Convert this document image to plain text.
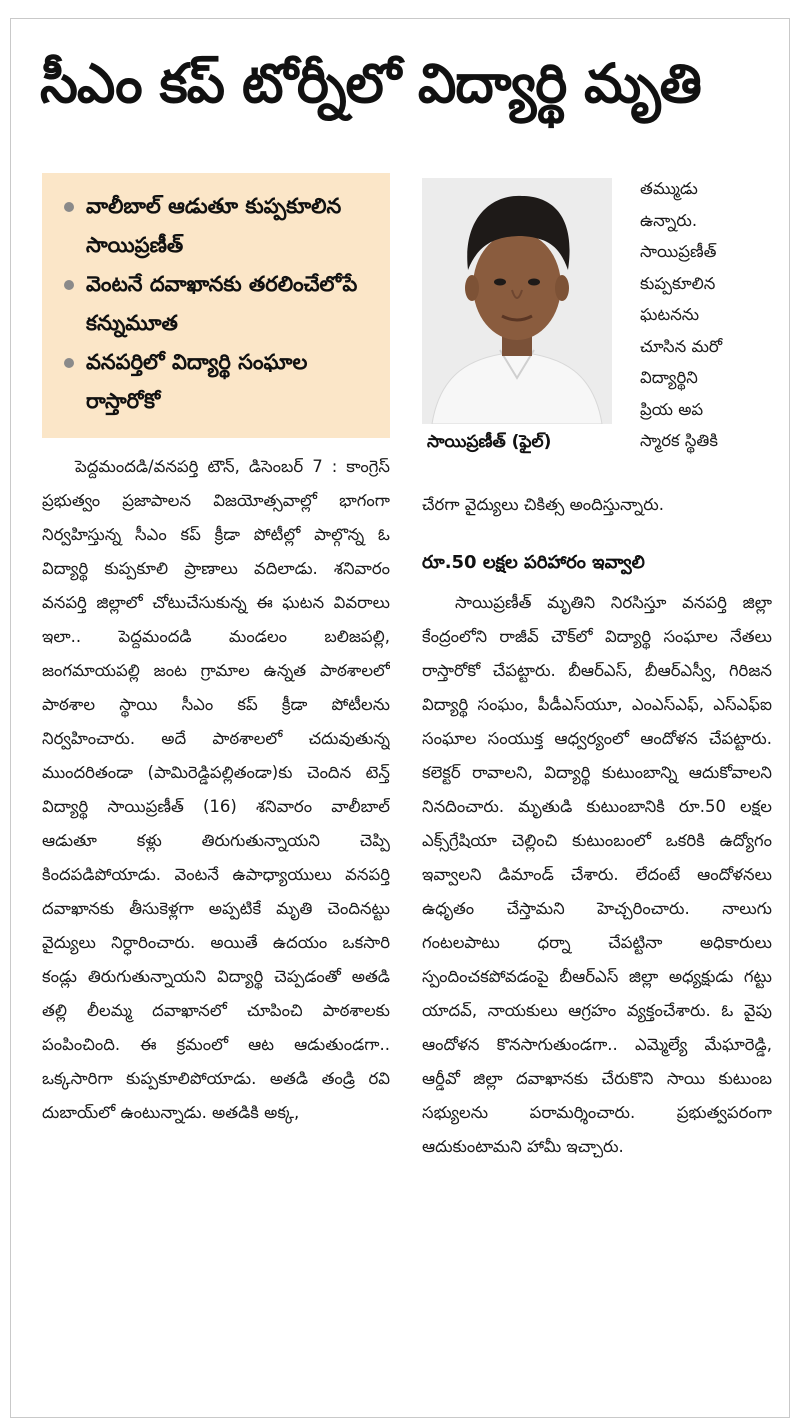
సీఎం కప్ టోర్నీలో విద్యార్థి మృతి
వాలీబాల్ ఆడుతూ కుప్పకూలిన సాయిప్రణీత్
వెంటనే దవాఖానకు తరలించేలోపే కన్నుమూత
వనపర్తిలో విద్యార్థి సంఘాల రాస్తారోకో
పెద్దమందడి/వనపర్తి టౌన్, డిసెంబర్ 7 : కాంగ్రెస్ ప్రభుత్వం ప్రజాపాలన విజయోత్సవాల్లో భాగంగా నిర్వహిస్తున్న సీఎం కప్ క్రీడా పోటీల్లో పాల్గొన్న ఓ విద్యార్థి కుప్పకూలి ప్రాణాలు వదిలాడు. శనివారం వనపర్తి జిల్లాలో చోటుచేసుకున్న ఈ ఘటన వివరాలు ఇలా.. పెద్దమందడి మండలం బలిజపల్లి, జంగమాయపల్లి జంట గ్రామాల ఉన్నత పాఠశాలలో పాఠశాల స్థాయి సీఎం కప్ క్రీడా పోటీలను నిర్వహించారు. అదే పాఠశాలలో చదువుతున్న ముందరితండా (పామిరెడ్డిపల్లితండా)కు చెందిన టెన్త్ విద్యార్థి సాయిప్రణీత్ (16) శనివారం వాలీబాల్ ఆడుతూ కళ్లు తిరుగుతున్నాయని చెప్పి కిందపడిపోయాడు. వెంటనే ఉపాధ్యాయులు వనపర్తి దవాఖానకు తీసుకెళ్లగా అప్పటికే మృతి చెందినట్టు వైద్యులు నిర్ధారించారు. అయితే ఉదయం ఒకసారి కండ్లు తిరుగుతున్నాయని విద్యార్థి చెప్పడంతో అతడి తల్లి లీలమ్మ దవాఖానలో చూపించి పాఠశాలకు పంపించింది. ఈ క్రమంలో ఆట ఆడుతుండగా.. ఒక్కసారిగా కుప్పకూలిపోయాడు. అతడి తండ్రి రవి దుబాయ్‌లో ఉంటున్నాడు. అతడికి అక్క,
సాయిప్రణీత్ (ఫైల్)
తమ్ముడు
ఉన్నారు.
సాయిప్రణీత్
కుప్పకూలిన
ఘటనను
చూసిన మరో
విద్యార్థిని
ప్రియ అప
స్మారక స్థితికి
చేరగా వైద్యులు చికిత్స అందిస్తున్నారు.
రూ.50 లక్షల పరిహారం ఇవ్వాలి
సాయిప్రణీత్ మృతిని నిరసిస్తూ వనపర్తి జిల్లా కేంద్రంలోని రాజీవ్ చౌక్‌లో విద్యార్థి సంఘాల నేతలు రాస్తారోకో చేపట్టారు. బీఆర్ఎస్, బీఆర్ఎస్వీ, గిరిజన విద్యార్థి సంఘం, పీడీఎస్‌యూ, ఎంఎస్ఎఫ్, ఎస్ఎఫ్ఐ సంఘాల సంయుక్త ఆధ్వర్యంలో ఆందోళన చేపట్టారు. కలెక్టర్ రావాలని, విద్యార్థి కుటుంబాన్ని ఆదుకోవాలని నినదించారు. మృతుడి కుటుంబానికి రూ.50 లక్షల ఎక్స్‌గ్రేషియా చెల్లించి కుటుంబంలో ఒకరికి ఉద్యోగం ఇవ్వాలని డిమాండ్ చేశారు. లేదంటే ఆందోళనలు ఉధృతం చేస్తామని హెచ్చరించారు. నాలుగు గంటలపాటు ధర్నా చేపట్టినా అధికారులు స్పందించకపోవడంపై బీఆర్ఎస్ జిల్లా అధ్యక్షుడు గట్టు యాదవ్, నాయకులు ఆగ్రహం వ్యక్తంచేశారు. ఓ వైపు ఆందోళన కొనసాగుతుండగా.. ఎమ్మెల్యే మేఘారెడ్డి, ఆర్డీవో జిల్లా దవాఖానకు చేరుకొని సాయి కుటుంబ సభ్యులను పరామర్శించారు. ప్రభుత్వపరంగా ఆదుకుంటామని హామీ ఇచ్చారు.
